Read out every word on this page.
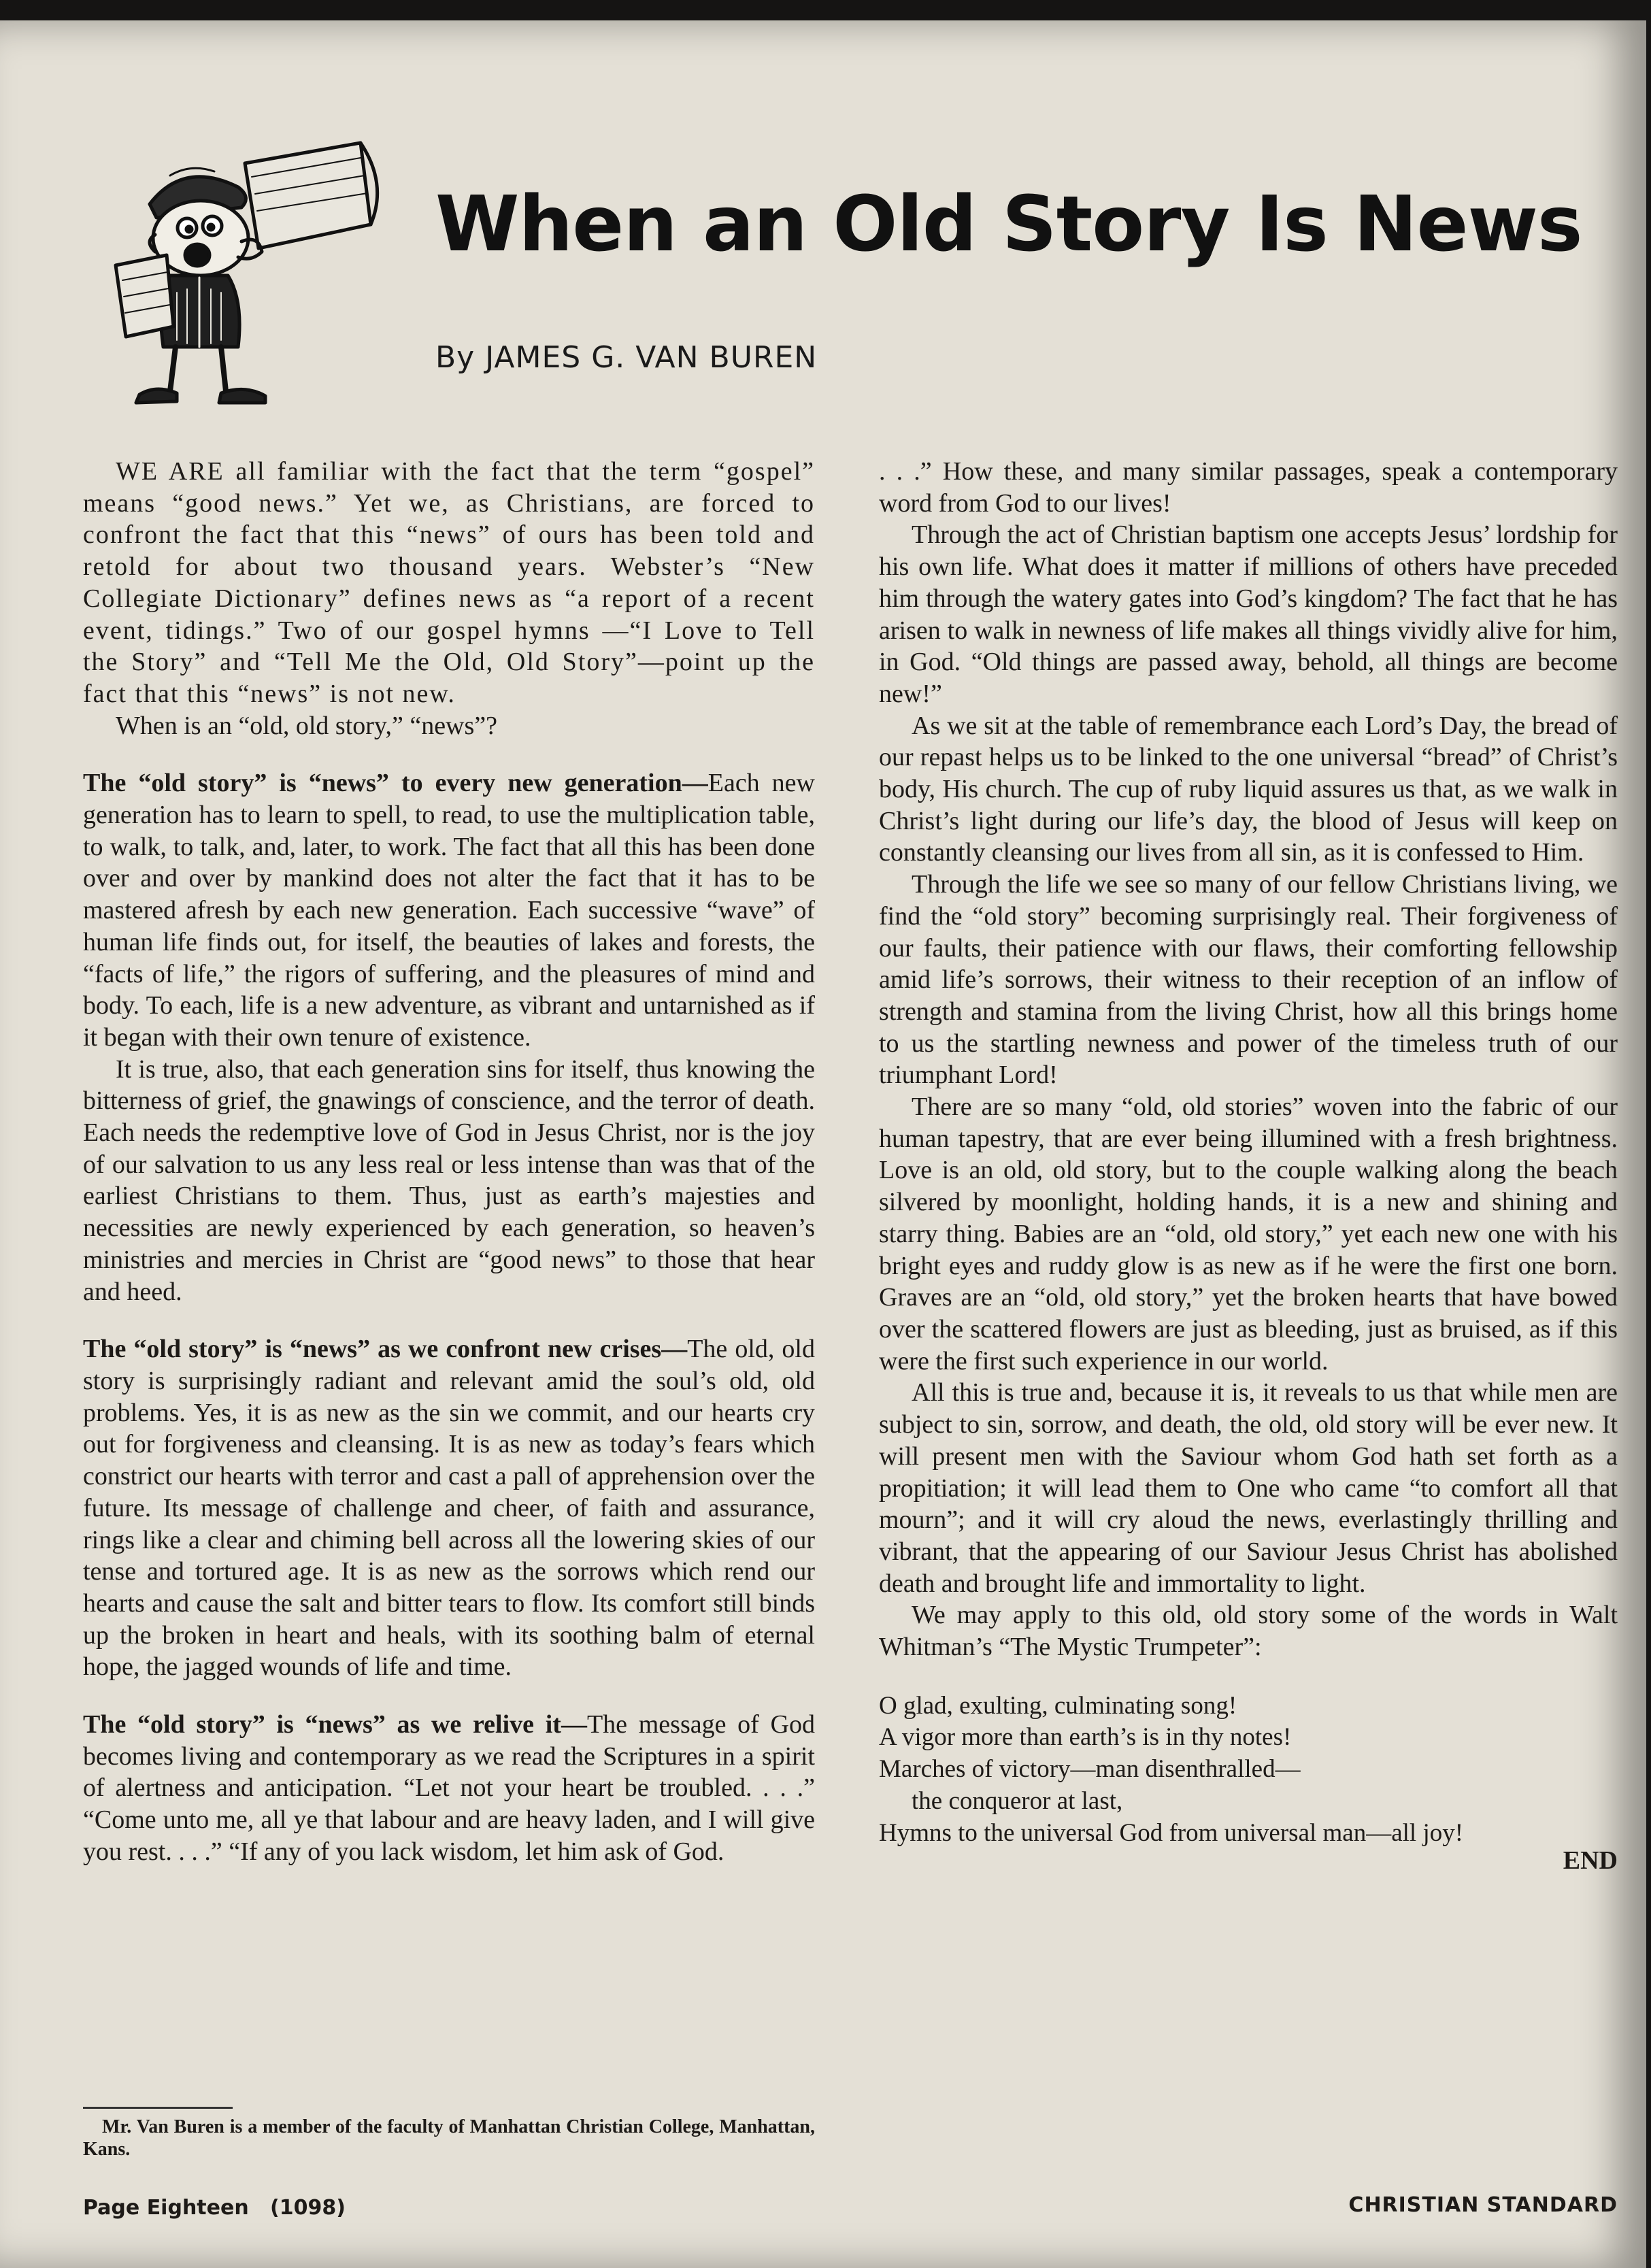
When an Old Story Is News
By JAMES G. VAN BUREN

WE ARE all familiar with the fact that the term “gospel” means “good news.” Yet we, as Christians, are forced to confront the fact that this “news” of ours has been told and retold for about two thousand years. Webster’s “New Collegiate Dictionary” defines news as “a report of a recent event, tidings.” Two of our gospel hymns —“I Love to Tell the Story” and “Tell Me the Old, Old Story”—point up the fact that this “news” is not new.

When is an “old, old story,” “news”?

The “old story” is “news” to every new generation—Each new generation has to learn to spell, to read, to use the multiplication table, to walk, to talk, and, later, to work. The fact that all this has been done over and over by mankind does not alter the fact that it has to be mastered afresh by each new generation. Each successive “wave” of human life finds out, for itself, the beauties of lakes and forests, the “facts of life,” the rigors of suffering, and the pleasures of mind and body. To each, life is a new adventure, as vibrant and untarnished as if it began with their own tenure of existence.

It is true, also, that each generation sins for itself, thus knowing the bitterness of grief, the gnawings of conscience, and the terror of death. Each needs the redemptive love of God in Jesus Christ, nor is the joy of our salvation to us any less real or less intense than was that of the earliest Christians to them. Thus, just as earth’s majesties and necessities are newly experienced by each generation, so heaven’s ministries and mercies in Christ are “good news” to those that hear and heed.

The “old story” is “news” as we confront new crises—The old, old story is surprisingly radiant and relevant amid the soul’s old, old problems. Yes, it is as new as the sin we commit, and our hearts cry out for forgiveness and cleansing. It is as new as today’s fears which constrict our hearts with terror and cast a pall of apprehension over the future. Its message of challenge and cheer, of faith and assurance, rings like a clear and chiming bell across all the lowering skies of our tense and tortured age. It is as new as the sorrows which rend our hearts and cause the salt and bitter tears to flow. Its comfort still binds up the broken in heart and heals, with its soothing balm of eternal hope, the jagged wounds of life and time.

The “old story” is “news” as we relive it—The message of God becomes living and contemporary as we read the Scriptures in a spirit of alertness and anticipation. “Let not your heart be troubled. . . .” “Come unto me, all ye that labour and are heavy laden, and I will give you rest. . . .” “If any of you lack wisdom, let him ask of God.

. . .” How these, and many similar passages, speak a contemporary word from God to our lives!

Through the act of Christian baptism one accepts Jesus’ lordship for his own life. What does it matter if millions of others have preceded him through the watery gates into God’s kingdom? The fact that he has arisen to walk in newness of life makes all things vividly alive for him, in God. “Old things are passed away, behold, all things are become new!”

As we sit at the table of remembrance each Lord’s Day, the bread of our repast helps us to be linked to the one universal “bread” of Christ’s body, His church. The cup of ruby liquid assures us that, as we walk in Christ’s light during our life’s day, the blood of Jesus will keep on constantly cleansing our lives from all sin, as it is confessed to Him.

Through the life we see so many of our fellow Christians living, we find the “old story” becoming surprisingly real. Their forgiveness of our faults, their patience with our flaws, their comforting fellowship amid life’s sorrows, their witness to their reception of an inflow of strength and stamina from the living Christ, how all this brings home to us the startling newness and power of the timeless truth of our triumphant Lord!

There are so many “old, old stories” woven into the fabric of our human tapestry, that are ever being illumined with a fresh brightness. Love is an old, old story, but to the couple walking along the beach silvered by moonlight, holding hands, it is a new and shining and starry thing. Babies are an “old, old story,” yet each new one with his bright eyes and ruddy glow is as new as if he were the first one born. Graves are an “old, old story,” yet the broken hearts that have bowed over the scattered flowers are just as bleeding, just as bruised, as if this were the first such experience in our world.

All this is true and, because it is, it reveals to us that while men are subject to sin, sorrow, and death, the old, old story will be ever new. It will present men with the Saviour whom God hath set forth as a propitiation; it will lead them to One who came “to comfort all that mourn”; and it will cry aloud the news, everlastingly thrilling and vibrant, that the appearing of our Saviour Jesus Christ has abolished death and brought life and immortality to light.

We may apply to this old, old story some of the words in Walt Whitman’s “The Mystic Trumpeter”:

O glad, exulting, culminating song!
A vigor more than earth’s is in thy notes!
Marches of victory—man disenthralled—
the conqueror at last,
Hymns to the universal God from universal man—all joy!
END
Mr. Van Buren is a member of the faculty of Manhattan Christian College, Manhattan, Kans.
Page Eighteen   (1098)	CHRISTIAN STANDARD
